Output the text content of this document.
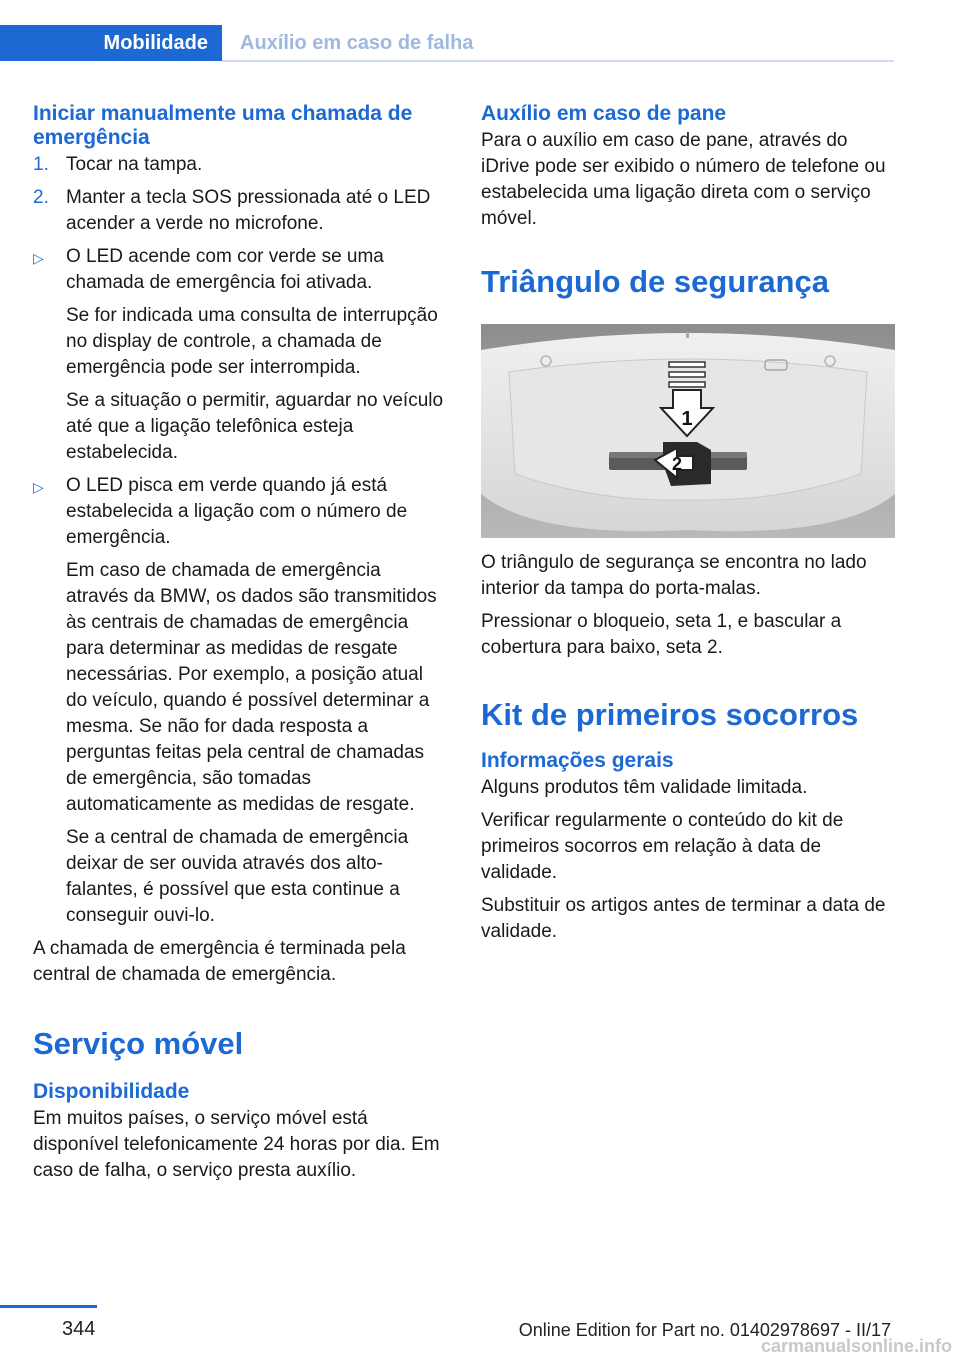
Mobilidade Auxílio em caso de falha
Iniciar manualmente uma chamada de emergência
1. Tocar na tampa.
2. Manter a tecla SOS pressionada até o LED acender a verde no microfone.
▷ O LED acende com cor verde se uma chamada de emergência foi ativada.
Se for indicada uma consulta de interrupção no display de controle, a chamada de emergência pode ser interrompida.
Se a situação o permitir, aguardar no veículo até que a ligação telefônica esteja estabelecida.
▷ O LED pisca em verde quando já está estabelecida a ligação com o número de emergência.
Em caso de chamada de emergência através da BMW, os dados são transmitidos às centrais de chamadas de emergência para determinar as medidas de resgate necessárias. Por exemplo, a posição atual do veículo, quando é possível determinar a mesma. Se não for dada resposta a perguntas feitas pela central de chamadas de emergência, são tomadas automaticamente as medidas de resgate.
Se a central de chamada de emergência deixar de ser ouvida através dos alto-falantes, é possível que esta continue a conseguir ouvi-lo.

A chamada de emergência é terminada pela central de chamada de emergência.

Serviço móvel
Disponibilidade

Em muitos países, o serviço móvel está disponível telefonicamente 24 horas por dia. Em caso de falha, o serviço presta auxílio.

Auxílio em caso de pane

Para o auxílio em caso de pane, através do iDrive pode ser exibido o número de telefone ou estabelecida uma ligação direta com o serviço móvel.

Triângulo de segurança
1
2

O triângulo de segurança se encontra no lado interior da tampa do porta-malas.

Pressionar o bloqueio, seta 1, e bascular a cobertura para baixo, seta 2.

Kit de primeiros socorros
Informações gerais

Alguns produtos têm validade limitada.

Verificar regularmente o conteúdo do kit de primeiros socorros em relação à data de validade.

Substituir os artigos antes de terminar a data de validade.

344	Online Edition for Part no. 01402978697 - II/17
carmanualsonline.info
